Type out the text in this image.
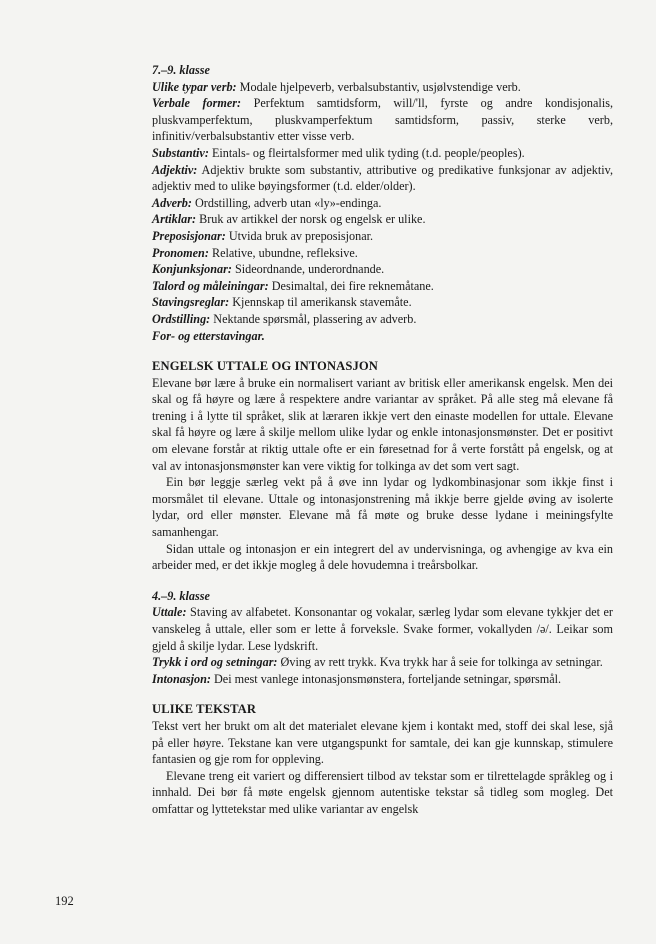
7.–9. klasse

Ulike typar verb: Modale hjelpeverb, verbalsubstantiv, usjølvstendige verb.

Verbale former: Perfektum samtidsform, will/'ll, fyrste og andre kondisjonalis, pluskvamperfektum, pluskvamperfektum samtidsform, passiv, sterke verb, infinitiv/verbalsubstantiv etter visse verb.

Substantiv: Eintals- og fleirtalsformer med ulik tyding (t.d. people/peoples).

Adjektiv: Adjektiv brukte som substantiv, attributive og predikative funksjonar av adjektiv, adjektiv med to ulike bøyingsformer (t.d. elder/older).

Adverb: Ordstilling, adverb utan «ly»-endinga.

Artiklar: Bruk av artikkel der norsk og engelsk er ulike.

Preposisjonar: Utvida bruk av preposisjonar.

Pronomen: Relative, ubundne, refleksive.

Konjunksjonar: Sideordnande, underordnande.

Talord og måleiningar: Desimaltal, dei fire reknemåtane.

Stavingsreglar: Kjennskap til amerikansk stavemåte.

Ordstilling: Nektande spørsmål, plassering av adverb.

For- og etterstavingar.

ENGELSK UTTALE OG INTONASJON

Elevane bør lære å bruke ein normalisert variant av britisk eller amerikansk engelsk. Men dei skal og få høyre og lære å respektere andre variantar av språket. På alle steg må elevane få trening i å lytte til språket, slik at læraren ikkje vert den einaste modellen for uttale. Elevane skal få høyre og lære å skilje mellom ulike lydar og enkle intonasjonsmønster. Det er positivt om elevane forstår at riktig uttale ofte er ein føresetnad for å verte forstått på engelsk, og at val av intonasjonsmønster kan vere viktig for tolkinga av det som vert sagt.

Ein bør leggje særleg vekt på å øve inn lydar og lydkombinasjonar som ikkje finst i morsmålet til elevane. Uttale og intonasjonstrening må ikkje berre gjelde øving av isolerte lydar, ord eller mønster. Elevane må få møte og bruke desse lydane i meiningsfylte samanhengar.

Sidan uttale og intonasjon er ein integrert del av undervisninga, og avhengige av kva ein arbeider med, er det ikkje mogleg å dele hovudemna i treårsbolkar.

4.–9. klasse

Uttale: Staving av alfabetet. Konsonantar og vokalar, særleg lydar som elevane tykkjer det er vanskeleg å uttale, eller som er lette å forveksle. Svake former, vokallyden /ə/. Leikar som gjeld å skilje lydar. Lese lydskrift.

Trykk i ord og setningar: Øving av rett trykk. Kva trykk har å seie for tolkinga av setningar.

Intonasjon: Dei mest vanlege intonasjonsmønstera, forteljande setningar, spørsmål.

ULIKE TEKSTAR

Tekst vert her brukt om alt det materialet elevane kjem i kontakt med, stoff dei skal lese, sjå på eller høyre. Tekstane kan vere utgangspunkt for samtale, dei kan gje kunnskap, stimulere fantasien og gje rom for oppleving.

Elevane treng eit variert og differensiert tilbod av tekstar som er tilrettelagde språkleg og i innhald. Dei bør få møte engelsk gjennom autentiske tekstar så tidleg som mogleg. Det omfattar og lyttetekstar med ulike variantar av engelsk

192
